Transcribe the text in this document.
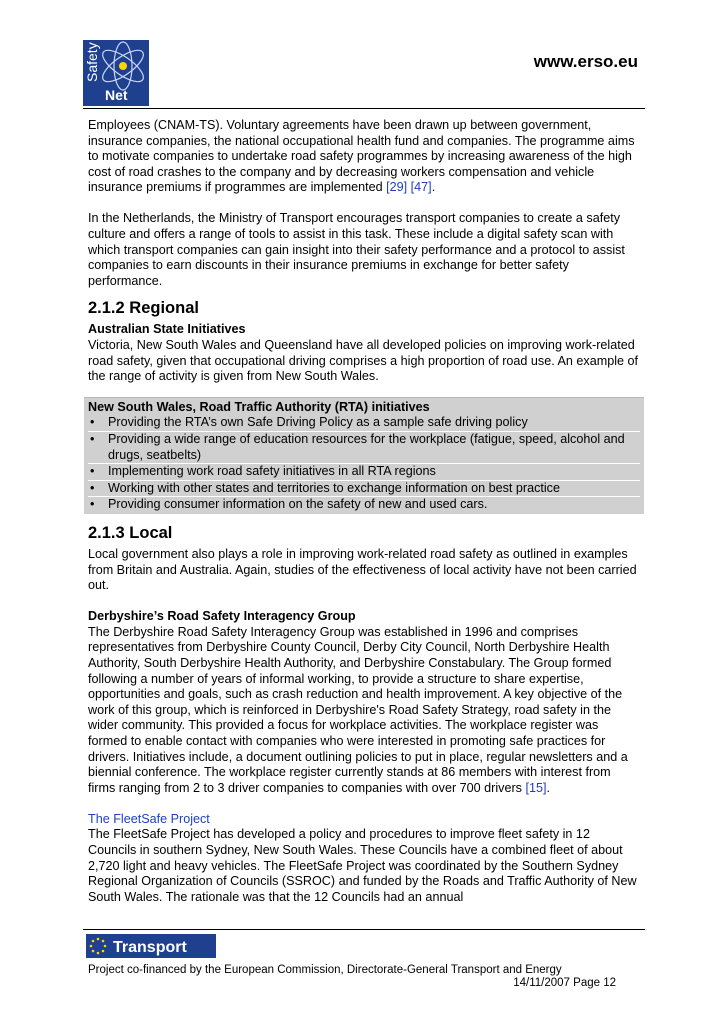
Safety
Net
www.erso.eu

Employees (CNAM-TS). Voluntary agreements have been drawn up between government, insurance companies, the national occupational health fund and companies. The programme aims to motivate companies to undertake road safety programmes by increasing awareness of the high cost of road crashes to the company and by decreasing workers compensation and vehicle insurance premiums if programmes are implemented [29] [47].

In the Netherlands, the Ministry of Transport encourages transport companies to create a safety culture and offers a range of tools to assist in this task. These include a digital safety scan with which transport companies can gain insight into their safety performance and a protocol to assist companies to earn discounts in their insurance premiums in exchange for better safety performance.

2.1.2 Regional

Australian State Initiatives

Victoria, New South Wales and Queensland have all developed policies on improving work-related road safety, given that occupational driving comprises a high proportion of road use. An example of the range of activity is given from New South Wales.

New South Wales, Road Traffic Authority (RTA) initiatives
• Providing the RTA’s own Safe Driving Policy as a sample safe driving policy
• Providing a wide range of education resources for the workplace (fatigue, speed, alcohol and drugs, seatbelts)
• Implementing work road safety initiatives in all RTA regions
• Working with other states and territories to exchange information on best practice
• Providing consumer information on the safety of new and used cars.
2.1.3 Local

Local government also plays a role in improving work-related road safety as outlined in examples from Britain and Australia. Again, studies of the effectiveness of local activity have not been carried out.

Derbyshire’s Road Safety Interagency Group

The Derbyshire Road Safety Interagency Group was established in 1996 and comprises representatives from Derbyshire County Council, Derby City Council, North Derbyshire Health Authority, South Derbyshire Health Authority, and Derbyshire Constabulary. The Group formed following a number of years of informal working, to provide a structure to share expertise, opportunities and goals, such as crash reduction and health improvement. A key objective of the work of this group, which is reinforced in Derbyshire's Road Safety Strategy, road safety in the wider community. This provided a focus for workplace activities. The workplace register was formed to enable contact with companies who were interested in promoting safe practices for drivers. Initiatives include, a document outlining policies to put in place, regular newsletters and a biennial conference. The workplace register currently stands at 86 members with interest from firms ranging from 2 to 3 driver companies to companies with over 700 drivers [15].

The FleetSafe Project

The FleetSafe Project has developed a policy and procedures to improve fleet safety in 12 Councils in southern Sydney, New South Wales. These Councils have a combined fleet of about 2,720 light and heavy vehicles. The FleetSafe Project was coordinated by the Southern Sydney Regional Organization of Councils (SSROC) and funded by the Roads and Traffic Authority of New South Wales. The rationale was that the 12 Councils had an annual

Transport
Project co-financed by the European Commission, Directorate-General Transport and Energy
14/11/2007 Page 12
